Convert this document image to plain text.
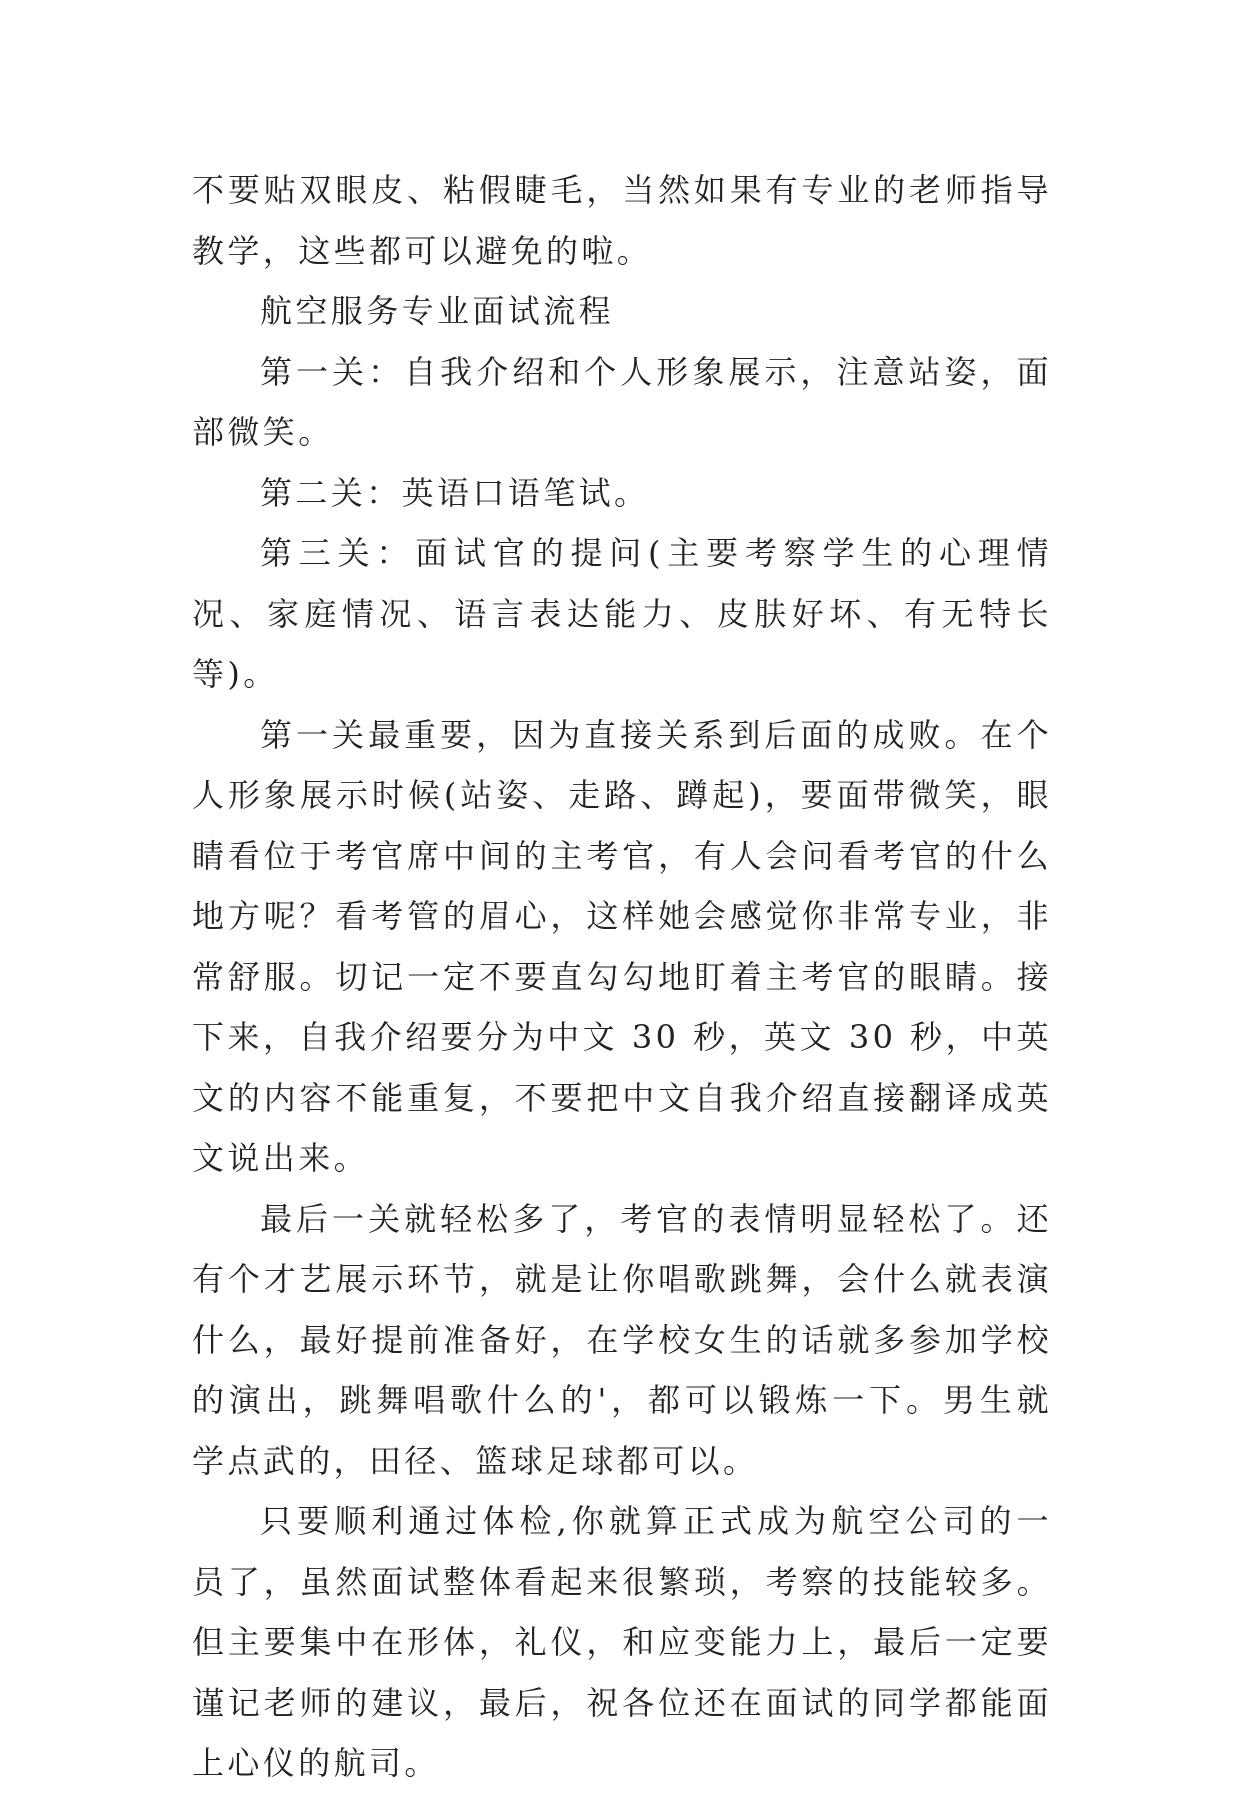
不要贴双眼皮、粘假睫毛，当然如果有专业的老师指导教学，这些都可以避免的啦。

航空服务专业面试流程

第一关：自我介绍和个人形象展示，注意站姿，面部微笑。

第二关：英语口语笔试。

第三关：面试官的提问(主要考察学生的心理情况、家庭情况、语言表达能力、皮肤好坏、有无特长等)。

第一关最重要，因为直接关系到后面的成败。在个人形象展示时候(站姿、走路、蹲起)，要面带微笑，眼睛看位于考官席中间的主考官，有人会问看考官的什么地方呢？看考管的眉心，这样她会感觉你非常专业，非常舒服。切记一定不要直勾勾地盯着主考官的眼睛。接下来，自我介绍要分为中文 30 秒，英文 30 秒，中英文的内容不能重复，不要把中文自我介绍直接翻译成英文说出来。

最后一关就轻松多了，考官的表情明显轻松了。还有个才艺展示环节，就是让你唱歌跳舞，会什么就表演什么，最好提前准备好，在学校女生的话就多参加学校的演出，跳舞唱歌什么的'，都可以锻炼一下。男生就学点武的，田径、篮球足球都可以。

只要顺利通过体检,你就算正式成为航空公司的一员了，虽然面试整体看起来很繁琐，考察的技能较多。但主要集中在形体，礼仪，和应变能力上，最后一定要谨记老师的建议，最后，祝各位还在面试的同学都能面上心仪的航司。
